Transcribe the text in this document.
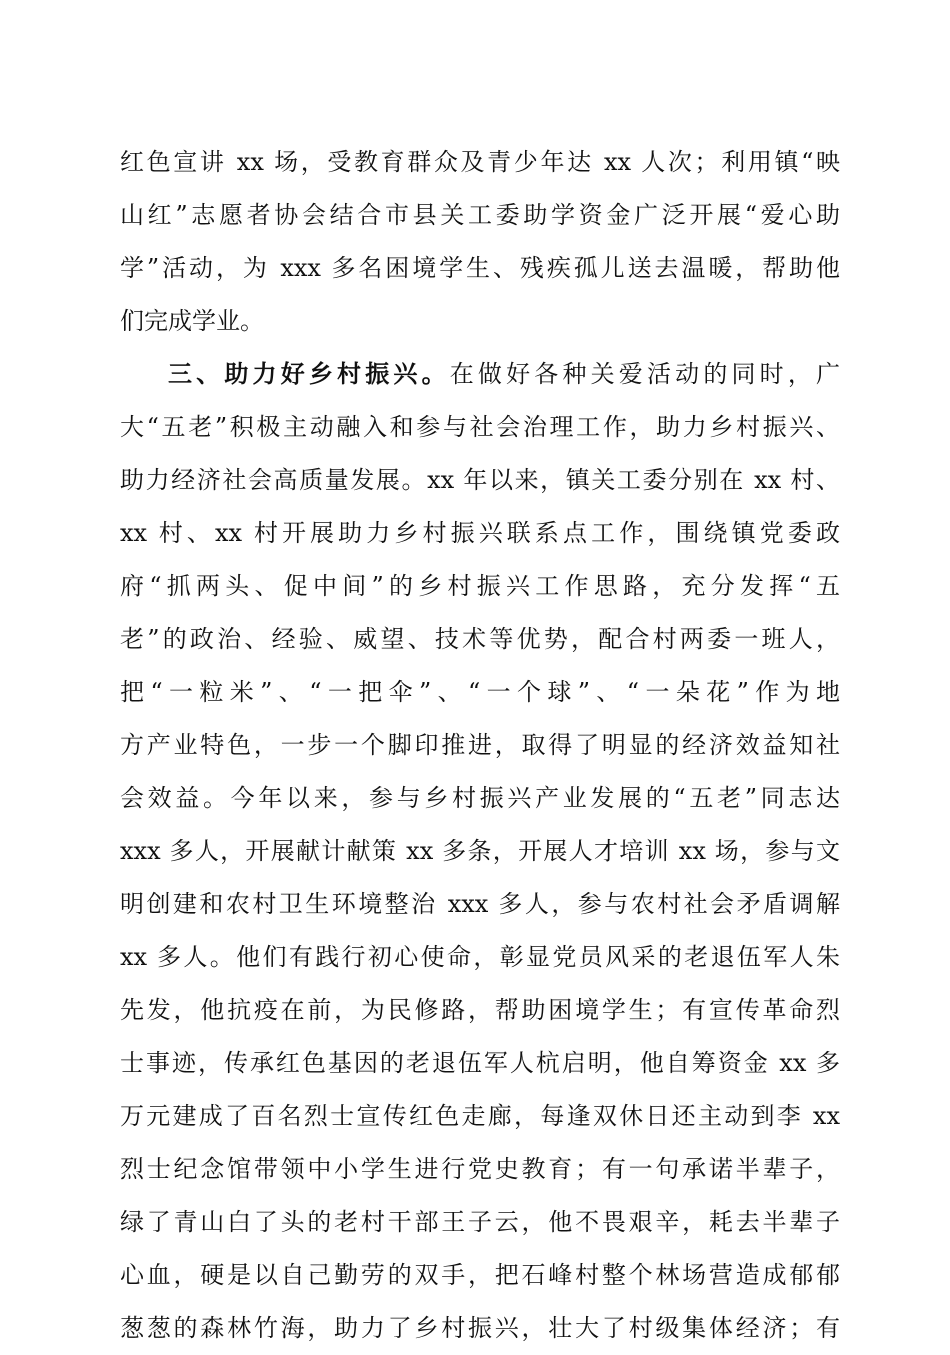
红色宣讲 xx 场，受教育群众及青少年达 xx 人次；利用镇“映
山红”志愿者协会结合市县关工委助学资金广泛开展“爱心助
学”活动，为 xxx 多名困境学生、残疾孤儿送去温暖，帮助他
们完成学业。
三、助力好乡村振兴。在做好各种关爱活动的同时，广
大“五老”积极主动融入和参与社会治理工作，助力乡村振兴、
助力经济社会高质量发展。xx 年以来，镇关工委分别在 xx 村、
xx 村、xx 村开展助力乡村振兴联系点工作，围绕镇党委政
府“抓两头、促中间”的乡村振兴工作思路，充分发挥“五
老”的政治、经验、威望、技术等优势，配合村两委一班人，
把“一粒米”、“一把伞”、“一个球”、“一朵花”作为地
方产业特色，一步一个脚印推进，取得了明显的经济效益知社
会效益。今年以来，参与乡村振兴产业发展的“五老”同志达
xxx 多人，开展献计献策 xx 多条，开展人才培训 xx 场，参与文
明创建和农村卫生环境整治 xxx 多人，参与农村社会矛盾调解
xx 多人。他们有践行初心使命，彰显党员风采的老退伍军人朱
先发，他抗疫在前，为民修路，帮助困境学生；有宣传革命烈
士事迹，传承红色基因的老退伍军人杭启明，他自筹资金 xx 多
万元建成了百名烈士宣传红色走廊，每逢双休日还主动到李 xx
烈士纪念馆带领中小学生进行党史教育；有一句承诺半辈子，
绿了青山白了头的老村干部王子云，他不畏艰辛，耗去半辈子
心血，硬是以自己勤劳的双手，把石峰村整个林场营造成郁郁
葱葱的森林竹海，助力了乡村振兴，壮大了村级集体经济；有
